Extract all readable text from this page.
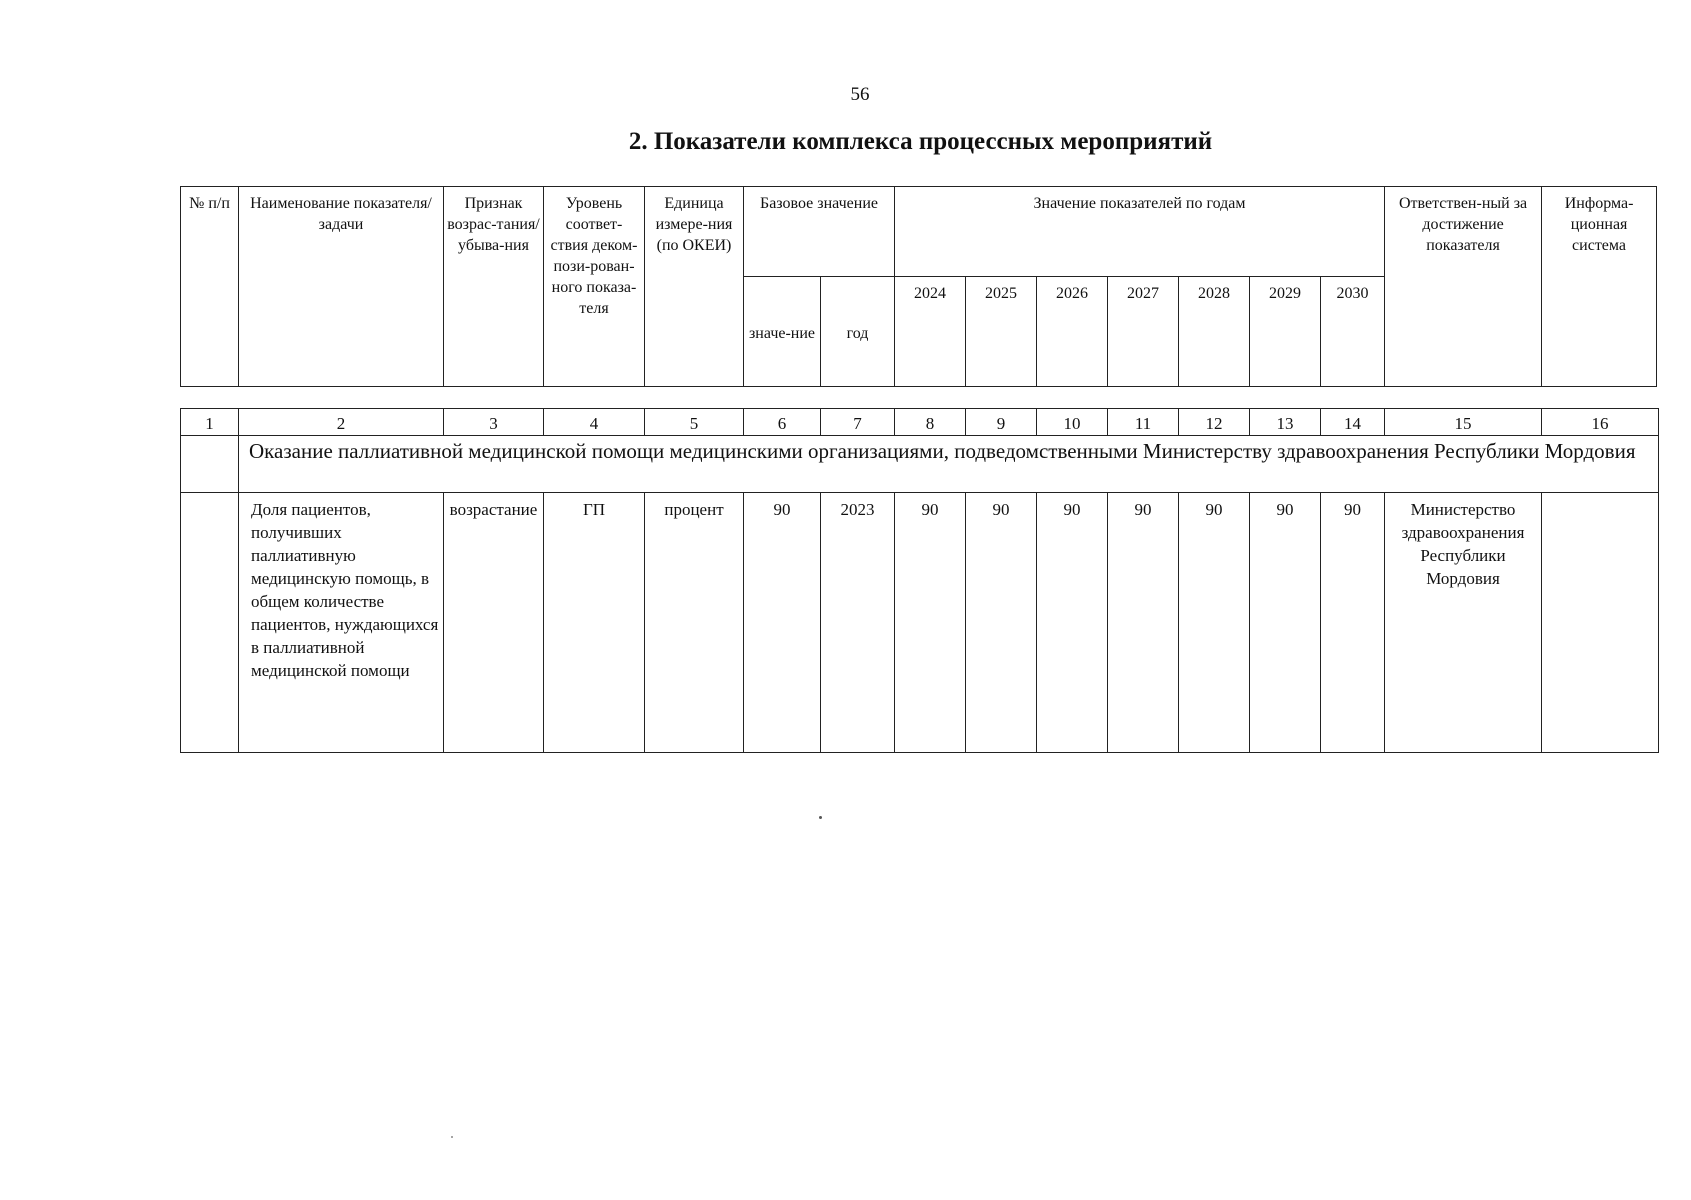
56
2. Показатели комплекса процессных мероприятий
№ п/п	Наименование показателя/задачи	Признак возрас-тания/ убыва-ния	Уровень соответ-ствия деком-пози-рован-ного показа-теля	Единица измере-ния (по ОКЕИ)	Базовое значение		Значение показателей по годам							Ответствен-ный за достижение показателя	Информа-ционная система
					значе-ние	год	2024	2025	2026	2027	2028	2029	2030		
1	2	3	4	5	6	7	8	9	10	11	12	13	14	15	16
	Оказание паллиативной медицинской помощи медицинскими организациями, подведомственными Министерству здравоохранения Республики Мордовия														
	Доля пациентов, получивших паллиативную медицинскую помощь, в общем количестве пациентов, нуждающихся в паллиативной медицинской помощи	возрастание	ГП	процент	90	2023	90	90	90	90	90	90	90	Министерство здравоохранения Республики Мордовия	
